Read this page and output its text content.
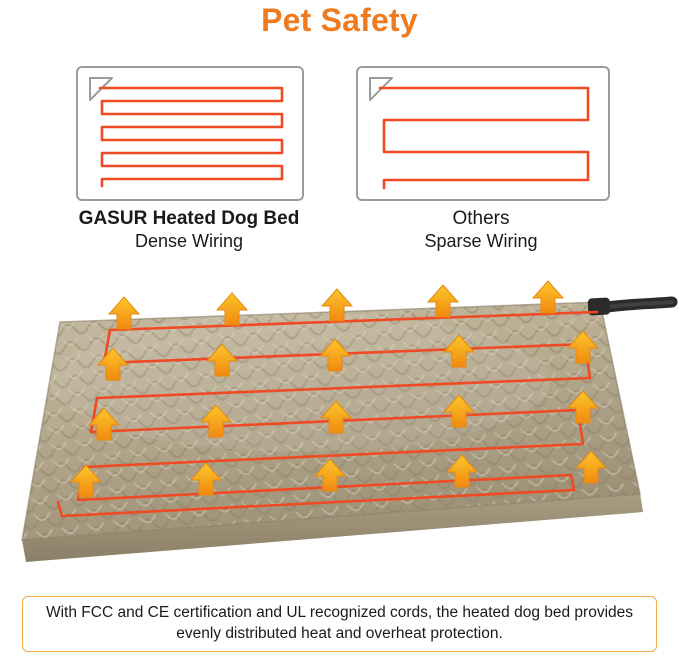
Pet Safety
GASUR Heated Dog Bed
Dense Wiring
Others
Sparse Wiring

With FCC and CE certification and UL recognized cords, the heated dog bed provides evenly distributed heat and overheat protection.
